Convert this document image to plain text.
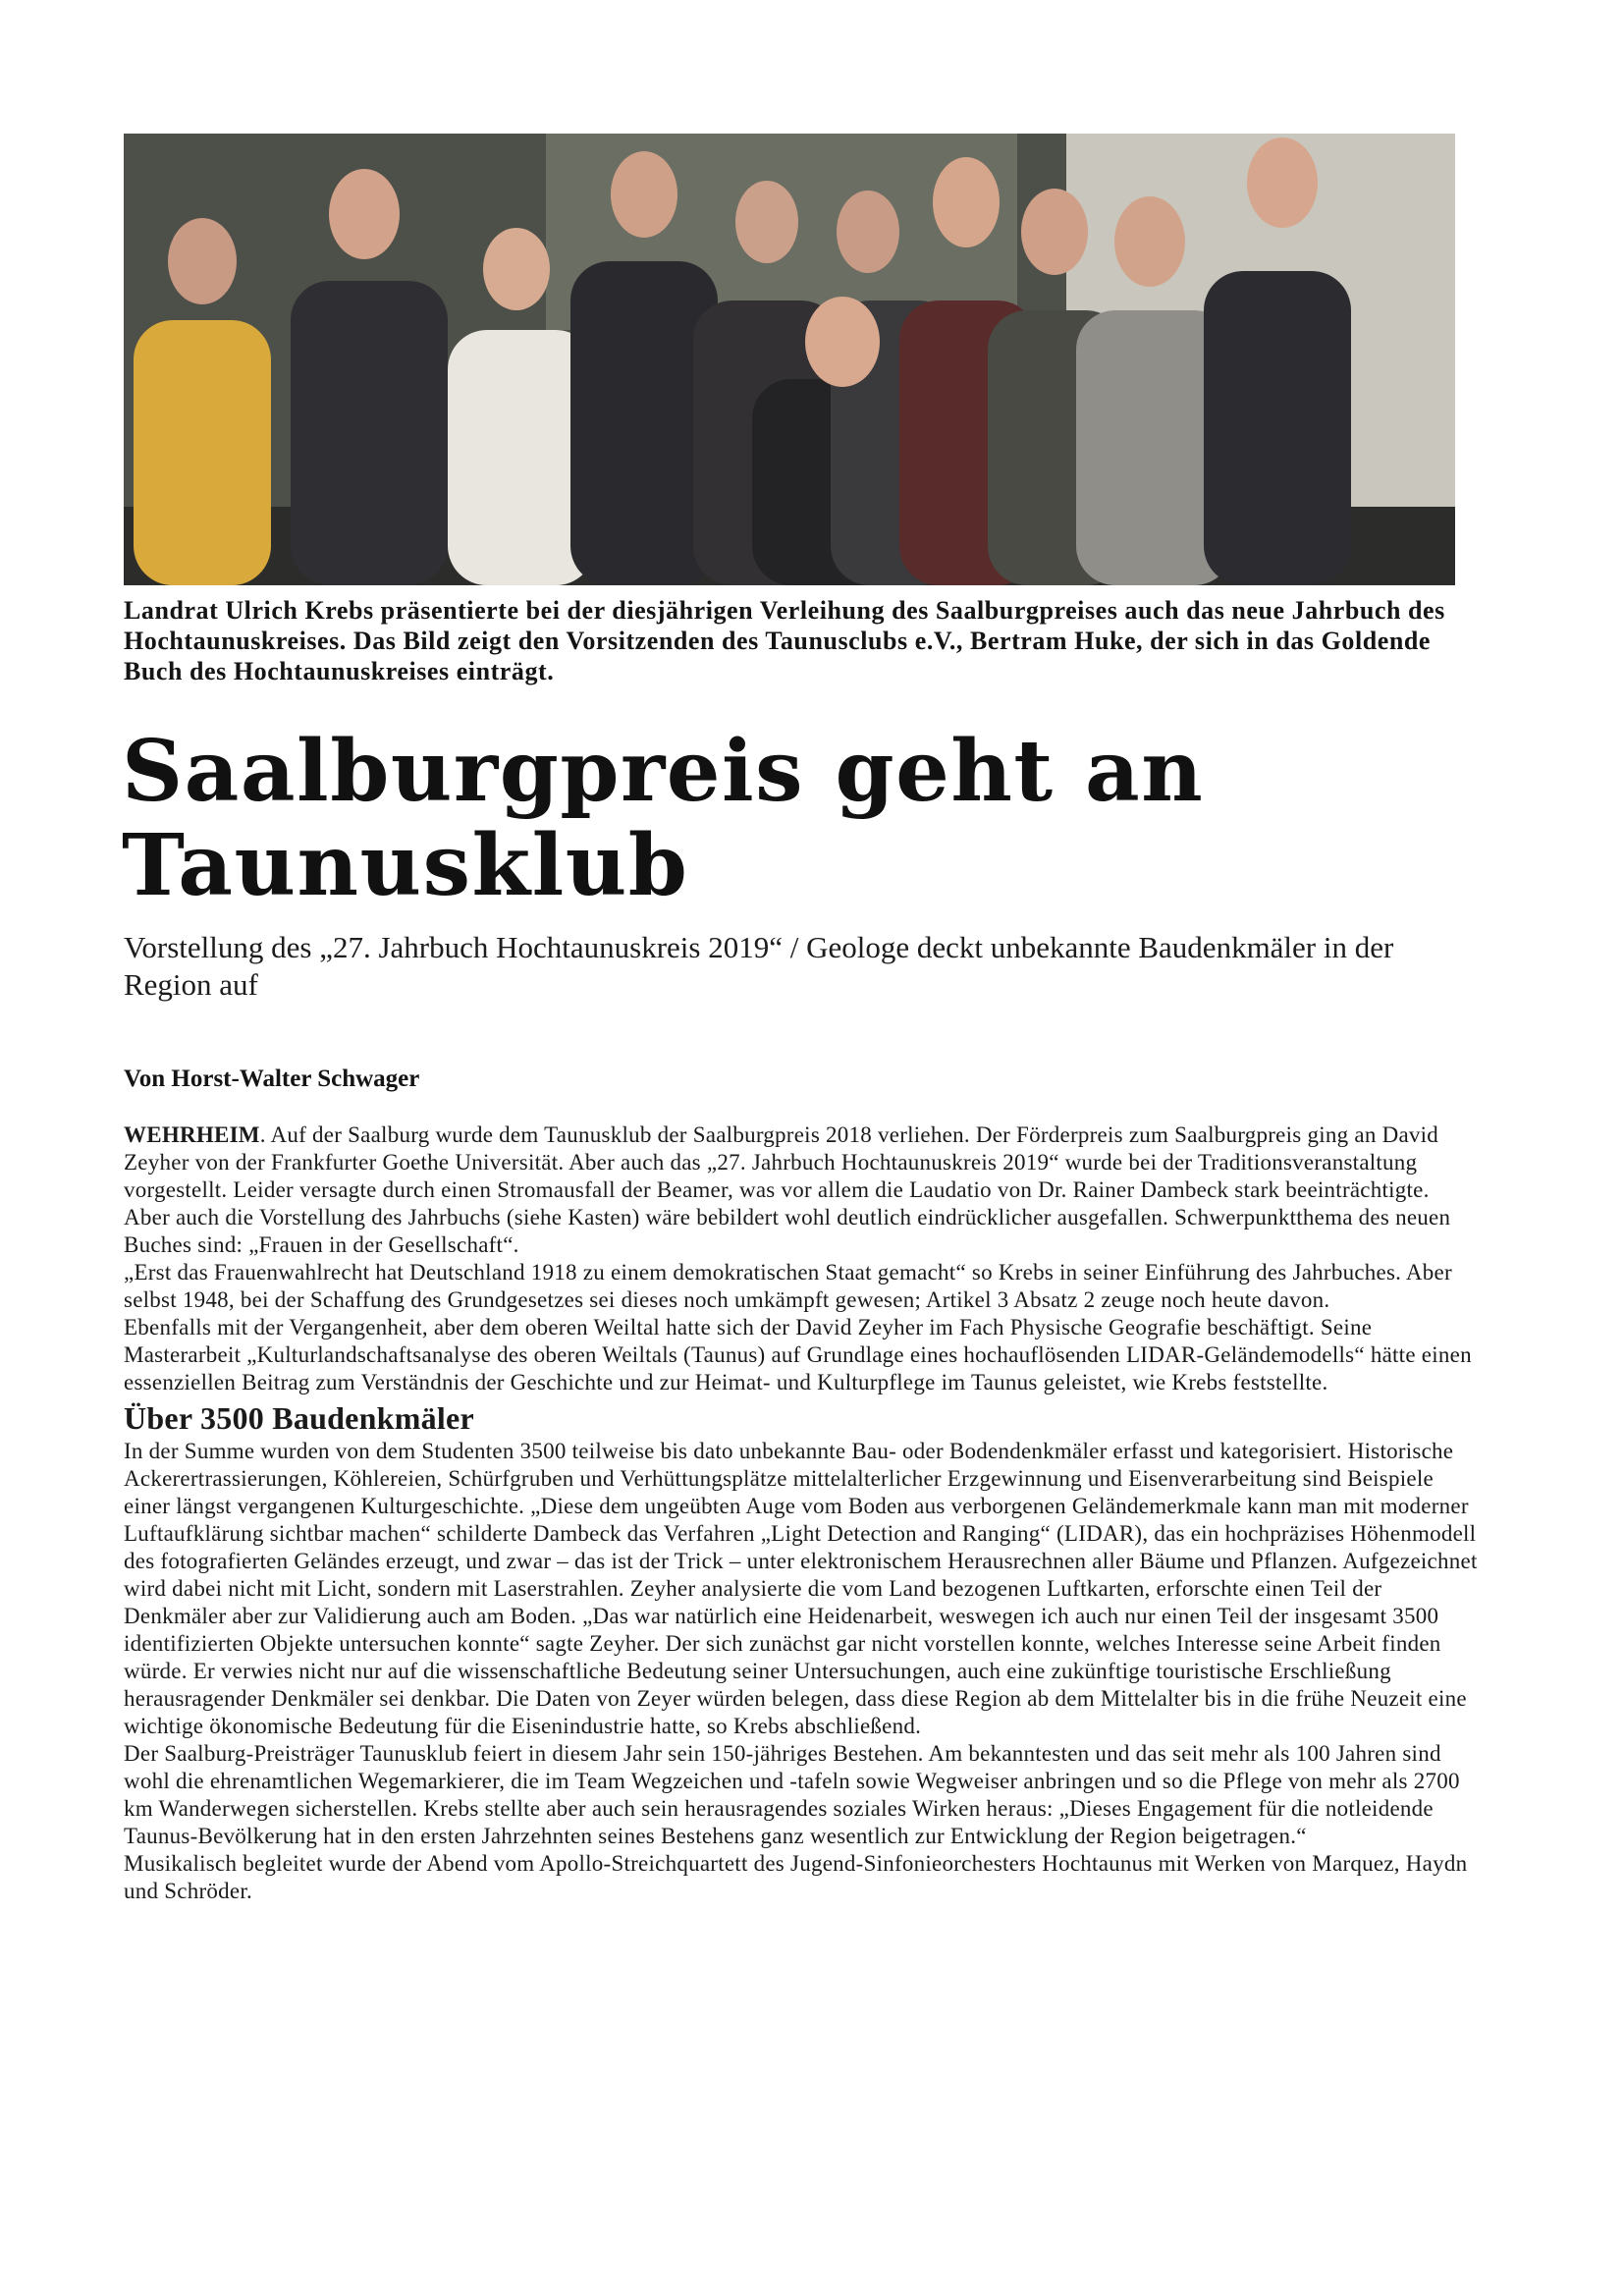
Landrat Ulrich Krebs präsentierte bei der diesjährigen Verleihung des Saalburgpreises auch das neue Jahrbuch des Hochtaunuskreises. Das Bild zeigt den Vorsitzenden des Taunusclubs e.V., Bertram Huke, der sich in das Goldende Buch des Hochtaunuskreises einträgt.

Saalburgpreis geht an Taunusklub

Vorstellung des „27. Jahrbuch Hochtaunuskreis 2019“ / Geologe deckt unbekannte Baudenkmäler in der Region auf

Von Horst-Walter Schwager

WEHRHEIM. Auf der Saalburg wurde dem Taunusklub der Saalburgpreis 2018 verliehen. Der Förderpreis zum Saalburgpreis ging an David Zeyher von der Frankfurter Goethe Universität. Aber auch das „27. Jahrbuch Hochtaunuskreis 2019“ wurde bei der Traditionsveranstaltung vorgestellt. Leider versagte durch einen Stromausfall der Beamer, was vor allem die Laudatio von Dr. Rainer Dambeck stark beeinträchtigte. Aber auch die Vorstellung des Jahrbuchs (siehe Kasten) wäre bebildert wohl deutlich eindrücklicher ausgefallen. Schwerpunktthema des neuen Buches sind: „Frauen in der Gesellschaft“.

„Erst das Frauenwahlrecht hat Deutschland 1918 zu einem demokratischen Staat gemacht“ so Krebs in seiner Einführung des Jahrbuches. Aber selbst 1948, bei der Schaffung des Grundgesetzes sei dieses noch umkämpft gewesen; Artikel 3 Absatz 2 zeuge noch heute davon.

Ebenfalls mit der Vergangenheit, aber dem oberen Weiltal hatte sich der David Zeyher im Fach Physische Geografie beschäftigt. Seine Masterarbeit „Kulturlandschaftsanalyse des oberen Weiltals (Taunus) auf Grundlage eines hochauflösenden LIDAR-Geländemodells“ hätte einen essenziellen Beitrag zum Verständnis der Geschichte und zur Heimat- und Kulturpflege im Taunus geleistet, wie Krebs feststellte.

Über 3500 Baudenkmäler

In der Summe wurden von dem Studenten 3500 teilweise bis dato unbekannte Bau- oder Bodendenkmäler erfasst und kategorisiert. Historische Ackerertrassierungen, Köhlereien, Schürfgruben und Verhüttungsplätze mittelalterlicher Erzgewinnung und Eisenverarbeitung sind Beispiele einer längst vergangenen Kulturgeschichte. „Diese dem ungeübten Auge vom Boden aus verborgenen Geländemerkmale kann man mit moderner Luftaufklärung sichtbar machen“ schilderte Dambeck das Verfahren „Light Detection and Ranging“ (LIDAR), das ein hochpräzises Höhenmodell des fotografierten Geländes erzeugt, und zwar – das ist der Trick – unter elektronischem Herausrechnen aller Bäume und Pflanzen. Aufgezeichnet wird dabei nicht mit Licht, sondern mit Laserstrahlen. Zeyher analysierte die vom Land bezogenen Luftkarten, erforschte einen Teil der Denkmäler aber zur Validierung auch am Boden. „Das war natürlich eine Heidenarbeit, weswegen ich auch nur einen Teil der insgesamt 3500 identifizierten Objekte untersuchen konnte“ sagte Zeyher. Der sich zunächst gar nicht vorstellen konnte, welches Interesse seine Arbeit finden würde. Er verwies nicht nur auf die wissenschaftliche Bedeutung seiner Untersuchungen, auch eine zukünftige touristische Erschließung herausragender Denkmäler sei denkbar. Die Daten von Zeyer würden belegen, dass diese Region ab dem Mittelalter bis in die frühe Neuzeit eine wichtige ökonomische Bedeutung für die Eisenindustrie hatte, so Krebs abschließend.

Der Saalburg-Preisträger Taunusklub feiert in diesem Jahr sein 150-jähriges Bestehen. Am bekanntesten und das seit mehr als 100 Jahren sind wohl die ehrenamtlichen Wegemarkierer, die im Team Wegzeichen und -tafeln sowie Wegweiser anbringen und so die Pflege von mehr als 2700 km Wanderwegen sicherstellen. Krebs stellte aber auch sein herausragendes soziales Wirken heraus: „Dieses Engagement für die notleidende Taunus-Bevölkerung hat in den ersten Jahrzehnten seines Bestehens ganz wesentlich zur Entwicklung der Region beigetragen.“

Musikalisch begleitet wurde der Abend vom Apollo-Streichquartett des Jugend-Sinfonieorchesters Hochtaunus mit Werken von Marquez, Haydn und Schröder.
